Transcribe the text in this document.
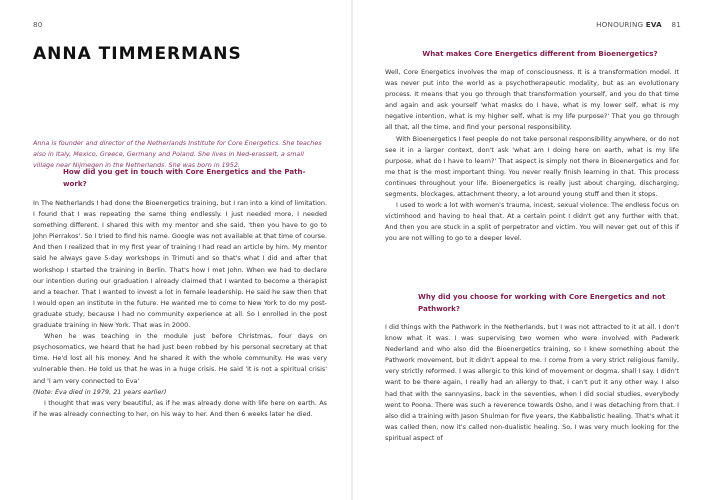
80	HONOURING EVA 81
ANNA TIMMERMANS
Anna is founder and director of the Netherlands Institute for Core Energetics. She teaches also in Italy, Mexico, Greece, Germany and Poland. She lives in Ned-erasselt, a small village near Nijmegen in the Netherlands. She was born in 1952.
How did you get in touch with Core Energetics and the Path-work?

In The Netherlands I had done the Bioenergetics training, but I ran into a kind of limitation. I found that I was repeating the same thing endlessly. I just needed more, I needed something different. I shared this with my mentor and she said, 'then you have to go to John Pierrakos'. So I tried to find his name. Google was not available at that time of course. And then I realized that in my first year of training I had read an article by him. My mentor said he always gave 5-day workshops in Trimuti and so that's what I did and after that workshop I started the training in Berlin. That's how I met John. When we had to declare our intention during our graduation I already claimed that I wanted to become a therapist and a teacher. That I wanted to invest a lot in female leadership. He said he saw then that I would open an institute in the future. He wanted me to come to New York to do my post-graduate study, because I had no community experience at all. So I enrolled in the post graduate training in New York. That was in 2000.

When he was teaching in the module just before Christmas, four days on psychosomatics, we heard that he had just been robbed by his personal secretary at that time. He'd lost all his money. And he shared it with the whole community. He was very vulnerable then. He told us that he was in a huge crisis. He said 'it is not a spiritual crisis' and 'I am very connected to Eva'

(Note: Eva died in 1979, 21 years earlier)

I thought that was very beautiful, as if he was already done with life here on earth. As if he was already connecting to her, on his way to her. And then 6 weeks later he died.

What makes Core Energetics different from Bioenergetics?

Well, Core Energetics involves the map of consciousness. It is a transformation model. It was never put into the world as a psychotherapeutic modality, but as an evolutionary process. It means that you go through that transformation yourself, and you do that time and again and ask yourself 'what masks do I have, what is my lower self, what is my negative intention, what is my higher self, what is my life purpose?' That you go through all that, all the time, and find your personal responsibility.

With Bioenergetics I feel people do not take personal responsibility anywhere, or do not see it in a larger context, don't ask 'what am I doing here on earth, what is my life purpose, what do I have to learn?' That aspect is simply not there in Bioenergetics and for me that is the most important thing. You never really finish learning in that. This process continues throughout your life. Bioenergetics is really just about charging, discharging, segments, blockages, attachment theory, a lot around young stuff and then it stops.

I used to work a lot with women's trauma, incest, sexual violence. The endless focus on victimhood and having to heal that. At a certain point I didn't get any further with that. And then you are stuck in a split of perpetrator and victim. You will never get out of this if you are not willing to go to a deeper level.

Why did you choose for working with Core Energetics and not Pathwork?

I did things with the Pathwork in the Netherlands, but I was not attracted to it at all. I don't know what it was. I was supervising two women who were involved with Padwerk Nederland and who also did the Bioenergetics training, so I knew something about the Pathwork movement, but it didn't appeal to me. I come from a very strict religious family, very strictly reformed. I was allergic to this kind of movement or dogma, shall I say. I didn't want to be there again, I really had an allergy to that, I can't put it any other way. I also had that with the sannyasins, back in the seventies, when I did social studies, everybody went to Poona. There was such a reverence towards Osho, and I was detaching from that. I also did a training with Jason Shulman for five years, the Kabbalistic healing. That's what it was called then, now it's called non-dualistic healing. So, I was very much looking for the spiritual aspect of
